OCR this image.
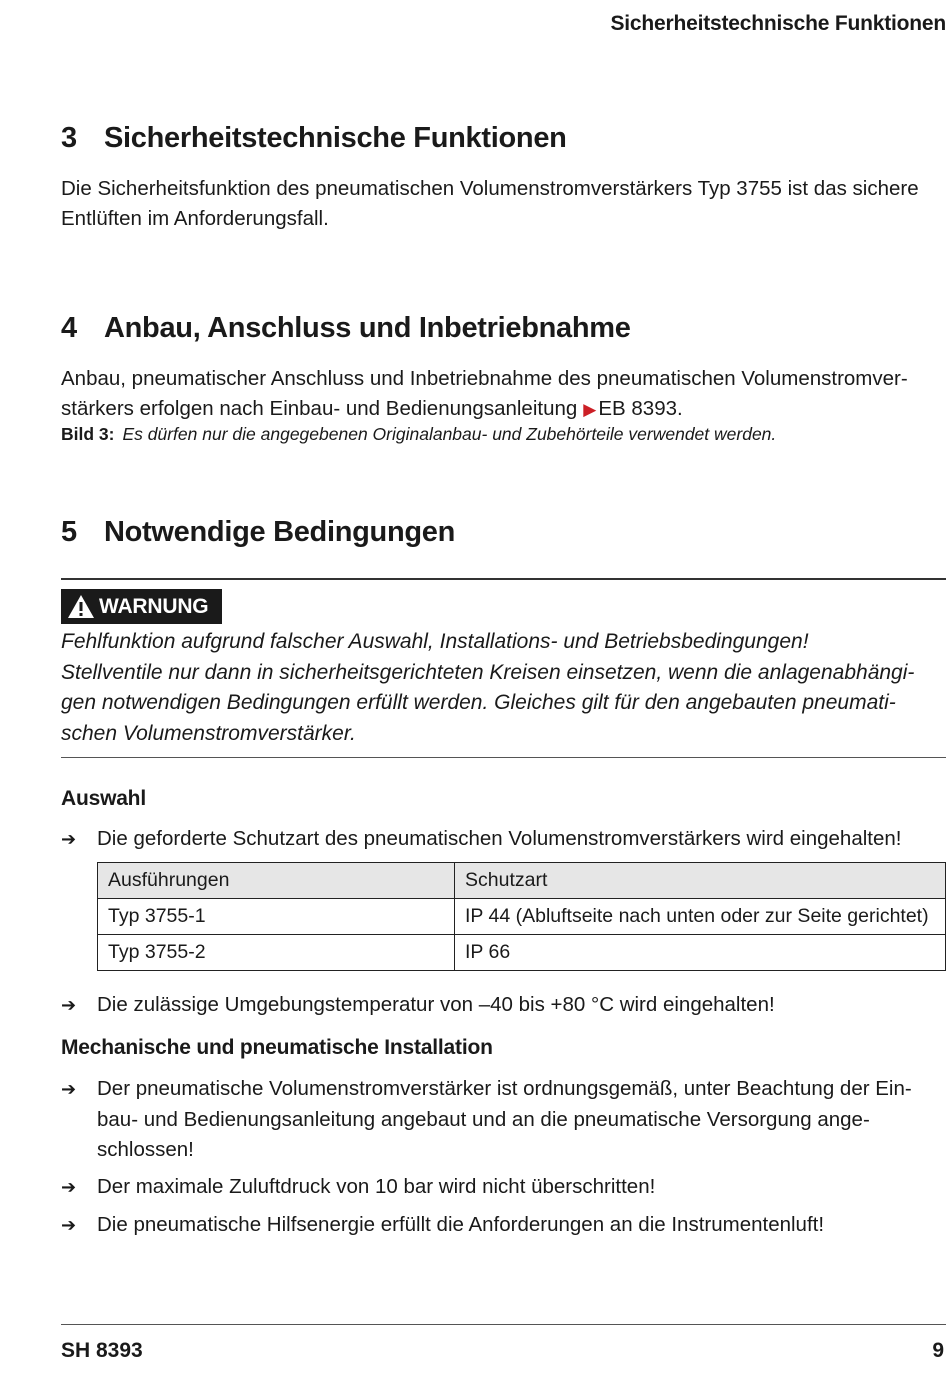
Sicherheitstechnische Funktionen
3 Sicherheitstechnische Funktionen
Die Sicherheitsfunktion des pneumatischen Volumenstromverstärkers Typ 3755 ist das sichere Entlüften im Anforderungsfall.
4 Anbau, Anschluss und Inbetriebnahme
Anbau, pneumatischer Anschluss und Inbetriebnahme des pneumatischen Volumenstromver-
stärkers erfolgen nach Einbau- und Bedienungsanleitung ▶EB 8393.
Bild 3: Es dürfen nur die angegebenen Originalanbau- und Zubehörteile verwendet werden.
5 Notwendige Bedingungen
WARNUNG
Fehlfunktion aufgrund falscher Auswahl, Installations- und Betriebsbedingungen!
Stellventile nur dann in sicherheitsgerichteten Kreisen einsetzen, wenn die anlagenabhängi-
gen notwendigen Bedingungen erfüllt werden. Gleiches gilt für den angebauten pneumati-
schen Volumenstromverstärker.
Auswahl
➔	Die geforderte Schutzart des pneumatischen Volumenstromverstärkers wird eingehalten!
Ausführungen	Schutzart
Typ 3755-1	IP 44 (Abluftseite nach unten oder zur Seite gerichtet)
Typ 3755-2	IP 66
➔	Die zulässige Umgebungstemperatur von –40 bis +80 °C wird eingehalten!
Mechanische und pneumatische Installation
➔	Der pneumatische Volumenstromverstärker ist ordnungsgemäß, unter Beachtung der Ein-
bau- und Bedienungsanleitung angebaut und an die pneumatische Versorgung ange-
schlossen!
➔	Der maximale Zuluftdruck von 10 bar wird nicht überschritten!
➔	Die pneumatische Hilfsenergie erfüllt die Anforderungen an die Instrumentenluft!
SH 8393	9
